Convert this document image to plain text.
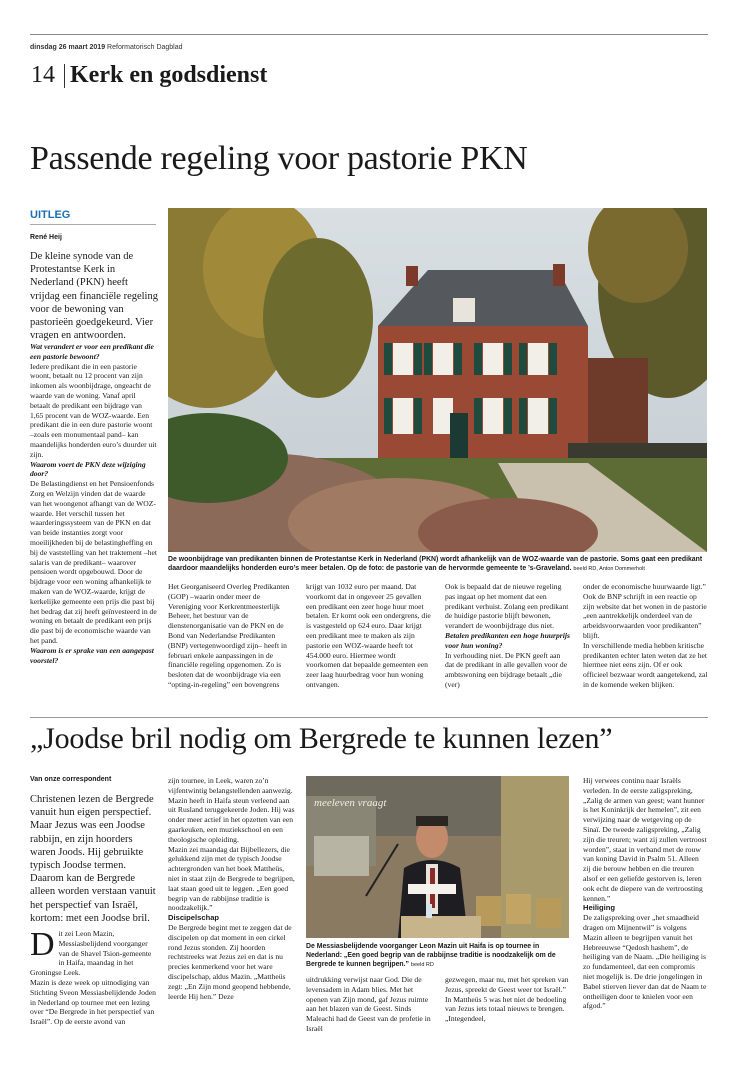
dinsdag 26 maart 2019 Reformatorisch Dagblad
14 Kerk en godsdienst
Passende regeling voor pastorie PKN
UITLEG
René Heij
De kleine synode van de Protestantse Kerk in Nederland (PKN) heeft vrijdag een financiële regeling voor de bewoning van pastorieën goedgekeurd. Vier vragen en antwoorden.

Wat verandert er voor een predikant die een pastorie bewoont?

Iedere predikant die in een pastorie woont, betaalt nu 12 procent van zijn inkomen als woonbijdrage, ongeacht de waarde van de woning. Vanaf april betaalt de predikant een bijdrage van 1,65 procent van de WOZ-waarde. Een predikant die in een dure pastorie woont –zoals een monumentaal pand– kan maandelijks honderden euro’s duurder uit zijn.

Waarom voert de PKN deze wijziging door?

De Belastingdienst en het Pensioenfonds Zorg en Welzijn vinden dat de waarde van het woongenot afhangt van de WOZ-waarde. Het verschil tussen het waarderingssysteem van de PKN en dat van beide instanties zorgt voor moeilijkheden bij de belastingheffing en bij de vaststelling van het traktement –het salaris van de predikant– waarover pensioen wordt opgebouwd. Door de bijdrage voor een woning afhankelijk te maken van de WOZ-waarde, krijgt de kerkelijke gemeente een prijs die past bij het bedrag dat zij heeft geïnvesteerd in de woning en betaalt de predikant een prijs die past bij de economische waarde van het pand.

Waarom is er sprake van een aangepast voorstel?

De woonbijdrage van predikanten binnen de Protestantse Kerk in Nederland (PKN) wordt afhankelijk van de WOZ-waarde van de pastorie. Soms gaat een predikant daardoor maandelijks honderden euro’s meer betalen. Op de foto: de pastorie van de hervormde gemeente te ’s-Graveland. beeld RD, Anton Dommerholt

Het Georganiseerd Overleg Predikanten (GOP) –waarin onder meer de Vereniging voor Kerkrentmeesterlijk Beheer, het bestuur van de dienstenorganisatie van de PKN en de Bond van Nederlandse Predikanten (BNP) vertegenwoordigd zijn– heeft in februari enkele aanpassingen in de financiële regeling opgenomen. Zo is besloten dat de woonbijdrage via een “opting-in-regeling” een bovengrens

krijgt van 1032 euro per maand. Dat voorkomt dat in ongeveer 25 gevallen een predikant een zeer hoge huur moet betalen. Er komt ook een ondergrens, die is vastgesteld op 624 euro. Daar krijgt een predikant mee te maken als zijn pastorie een WOZ-waarde heeft tot 454.000 euro. Hiermee wordt voorkomen dat bepaalde gemeenten een zeer laag huurbedrag voor hun woning ontvangen.

Ook is bepaald dat de nieuwe regeling pas ingaat op het moment dat een predikant verhuist. Zolang een predikant de huidige pastorie blijft bewonen, verandert de woonbijdrage dus niet.

Betalen predikanten een hoge huurprijs voor hun woning?

In verhouding niet. De PKN geeft aan dat de predikant in alle gevallen voor de ambtswoning een bijdrage betaalt „die (ver)

onder de economische huurwaarde ligt.” Ook de BNP schrijft in een reactie op zijn website dat het wonen in de pastorie „een aantrekkelijk onderdeel van de arbeidsvoorwaarden voor predikanten” blijft.

In verschillende media hebben kritische predikanten echter laten weten dat ze het hiermee niet eens zijn. Of er ook officieel bezwaar wordt aangetekend, zal in de komende weken blijken.

„Joodse bril nodig om Bergrede te kunnen lezen”
Van onze correspondent
Christenen lezen de Bergrede vanuit hun eigen perspectief. Maar Jezus was een Joodse rabbijn, en zijn hoorders waren Joods. Hij gebruikte typisch Joodse termen. Daarom kan de Bergrede alleen worden verstaan vanuit het perspectief van Israël, kortom: met een Joodse bril.
D it zei Leon Mazin, Messiasbelijdend voorganger van de Shavel Tsion-gemeente in Haifa, maandag in het Groningse Leek.

Mazin is deze week op uitnodiging van Stichting Sveon Messiasbelijdende Joden in Nederland op tournee met een lezing over “De Bergrede in het perspectief van Israël”. Op de eerste avond van

zijn tournee, in Leek, waren zo’n vijfentwintig belangstellenden aanwezig.

Mazin heeft in Haifa steun verleend aan uit Rusland teruggekeerde Joden. Hij was onder meer actief in het opzetten van een gaarkeuken, een muziekschool en een theologische opleiding.

Mazin zei maandag dat Bijbellezers, die gelukkend zijn met de typisch Joodse achtergronden van het boek Mattheüs, niet in staat zijn de Bergrede te begrijpen, laat staan goed uit te leggen. „Een goed begrip van de rabbijnse traditie is noodzakelijk.”

Discipelschap

De Bergrede begint met te zeggen dat de discipelen op dat moment in een cirkel rond Jezus stonden. Zij hoorden rechtstreeks wat Jezus zei en dat is nu precies kenmerkend voor het ware discipelschap, aldus Mazin. „Mattheüs zegt: „En Zijn mond geopend hebbende, leerde Hij hen.” Deze

meeleven vraagt
De Messiasbelijdende voorganger Leon Mazin uit Haifa is op tournee in Nederland: „Een goed begrip van de rabbijnse traditie is noodzakelijk om de Bergrede te kunnen begrijpen.” beeld RD

uitdrukking verwijst naar God. Die de levensadem in Adam blies. Met het openen van Zijn mond, gaf Jezus ruimte aan het blazen van de Geest. Sinds Maleachi had de Geest van de profetie in Israël

gezwegen, maar nu, met het spreken van Jezus, spreekt de Geest weer tot Israël.” In Mattheüs 5 was het niet de bedoeling van Jezus iets totaal nieuws te brengen. „Integendeel,

Hij verwees continu naar Israëls verleden. In de eerste zaligspreking, „Zalig de armen van geest; want hunner is het Koninkrijk der hemelen”, zit een verwijzing naar de wetgeving op de Sinaï. De tweede zaligspreking, „Zalig zijn die treuren; want zij zullen vertroost worden”, staat in verband met de rouw van koning David in Psalm 51. Alleen zij die berouw hebben en die treuren alsof er een geliefde gestorven is, leren ook echt de diepere van de vertroosting kennen.”

Heiliging

De zaligspreking over „het smaadheid dragen om Mijnentwil” is volgens Mazin alleen te begrijpen vanuit het Hebreeuwse “Qedosh hashem”, de heiliging van de Naam. „Die heiliging is zo fundamenteel, dat een compromis niet mogelijk is. De drie jongelingen in Babel stierven liever dan dat de Naam te ontheiligen door te knielen voor een afgod.”
